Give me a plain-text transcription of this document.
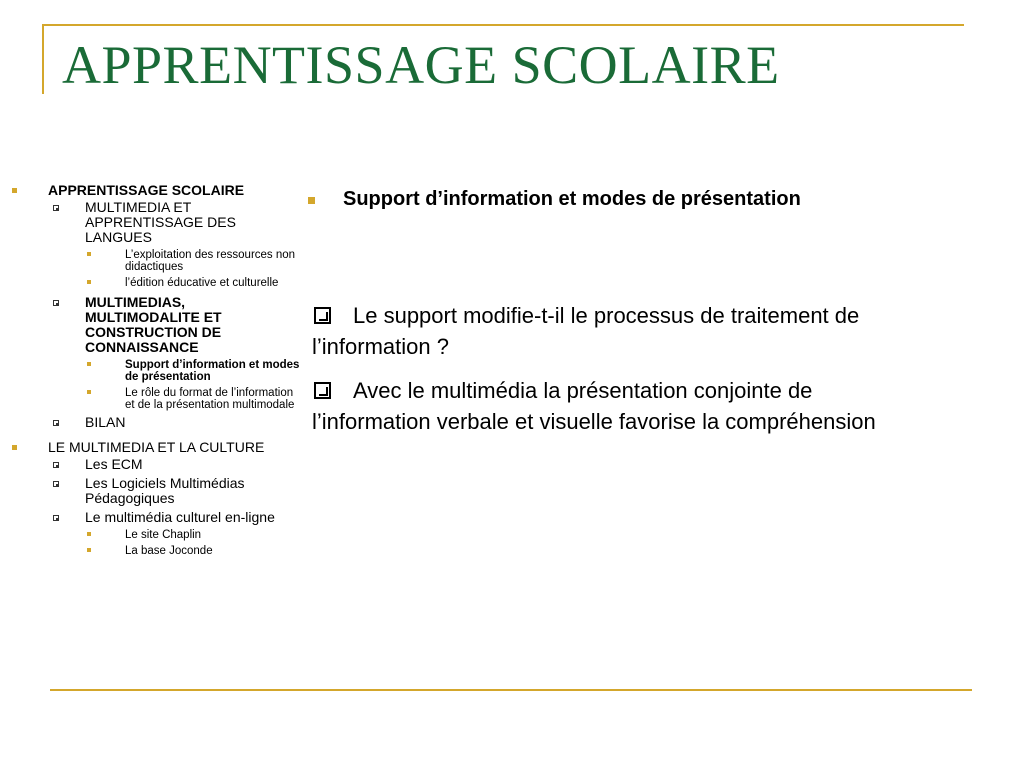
APPRENTISSAGE SCOLAIRE
APPRENTISSAGE SCOLAIRE
MULTIMEDIA ET APPRENTISSAGE DES LANGUES
L’exploitation des ressources non didactiques
l’édition éducative et culturelle
MULTIMEDIAS, MULTIMODALITE ET CONSTRUCTION DE CONNAISSANCE
Support d’information et modes de présentation
Le rôle du format de l’information et de la présentation multimodale
BILAN
LE MULTIMEDIA ET LA CULTURE
Les ECM
Les Logiciels Multimédias Pédagogiques
Le multimédia culturel en-ligne
Le site Chaplin
La base Joconde
Support d’information et modes de présentation
Le support modifie-t-il le processus de traitement de l’information ?
Avec le multimédia la présentation conjointe de l’information verbale et visuelle favorise la compréhension
